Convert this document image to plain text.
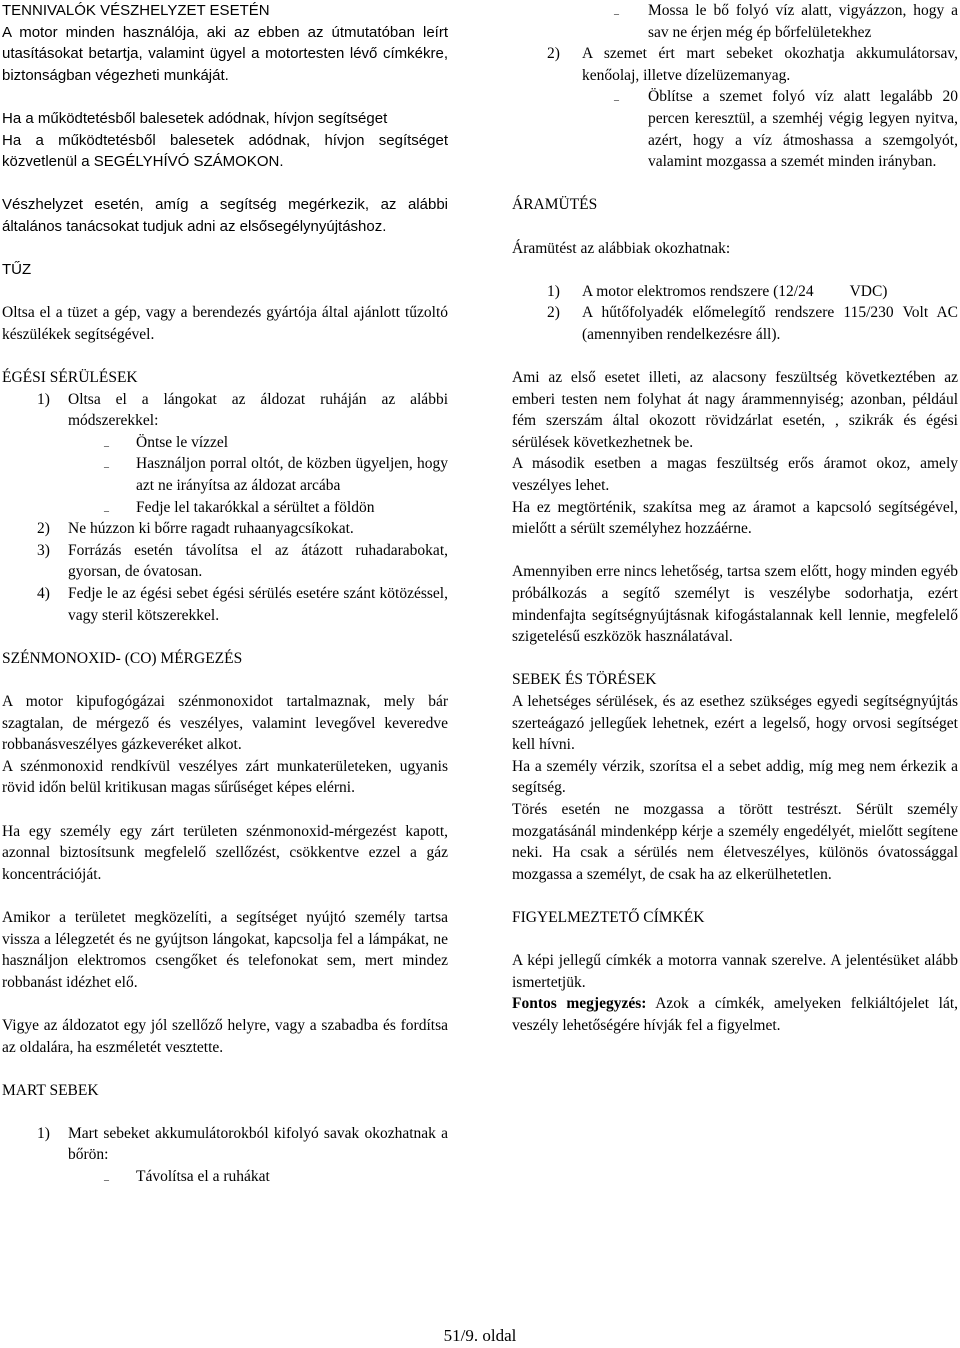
TENNIVALÓK VÉSZHELYZET ESETÉN
A motor minden használója, aki az ebben az útmutatóban leírt utasításokat betartja, valamint ügyel a motortesten lévő címkékre, biztonságban végezheti munkáját.
Ha a működtetésből balesetek adódnak, hívjon segítséget
Ha a működtetésből balesetek adódnak, hívjon segítséget közvetlenül a SEGÉLYHÍVÓ SZÁMOKON.
Vészhelyzet esetén, amíg a segítség megérkezik, az alábbi általános tanácsokat tudjuk adni az elsősegélynyújtáshoz.
TŰZ
Oltsa el a tüzet a gép, vagy a berendezés gyártója által ajánlott tűzoltó készülékek segítségével.
ÉGÉSI SÉRÜLÉSEK
1) Oltsa el a lángokat az áldozat ruháján az alábbi módszerekkel:
_ Öntse le vízzel
_ Használjon porral oltót, de közben ügyeljen, hogy azt ne irányítsa az áldozat arcába
_ Fedje lel takarókkal a sérültet a földön
2) Ne húzzon ki bőrre ragadt ruhaanyagcsíkokat.
3) Forrázás esetén távolítsa el az átázott ruhadarabokat, gyorsan, de óvatosan.
4) Fedje le az égési sebet égési sérülés esetére szánt kötözéssel, vagy steril kötszerekkel.
SZÉNMONOXID- (CO) MÉRGEZÉS
A motor kipufogógázai szénmonoxidot tartalmaznak, mely bár szagtalan, de mérgező és veszélyes, valamint levegővel keveredve robbanásveszélyes gázkeveréket alkot.
A szénmonoxid rendkívül veszélyes zárt munkaterületeken, ugyanis rövid időn belül kritikusan magas sűrűséget képes elérni.
Ha egy személy egy zárt területen szénmonoxid-mérgezést kapott, azonnal biztosítsunk megfelelő szellőzést, csökkentve ezzel a gáz koncentrációját.
Amikor a területet megközelíti, a segítséget nyújtó személy tartsa vissza a lélegzetét és ne gyújtson lángokat, kapcsolja fel a lámpákat, ne használjon elektromos csengőket és telefonokat sem, mert mindez robbanást idézhet elő.
Vigye az áldozatot egy jól szellőző helyre, vagy a szabadba és fordítsa az oldalára, ha eszméletét vesztette.
MART SEBEK
1) Mart sebeket akkumulátorokból kifolyó savak okozhatnak a bőrön:
_ Távolítsa el a ruhákat
_ Mossa le bő folyó víz alatt, vigyázzon, hogy a sav ne érjen még ép bőrfelületekhez
2) A szemet ért mart sebeket okozhatja akkumulátorsav, kenőolaj, illetve dízelüzemanyag.
_ Öblítse a szemet folyó víz alatt legalább 20 percen keresztül, a szemhéj végig legyen nyitva, azért, hogy a víz átmoshassa a szemgolyót, valamint mozgassa a szemét minden irányban.
ÁRAMÜTÉS
Áramütést az alábbiak okozhatnak:
1) A motor elektromos rendszere (12/24 VDC)
2) A hűtőfolyadék előmelegítő rendszere 115/230 Volt AC (amennyiben rendelkezésre áll).
Ami az első esetet illeti, az alacsony feszültség következtében az emberi testen nem folyhat át nagy árammennyiség; azonban, például fém szerszám által okozott rövidzárlat esetén, , szikrák és égési sérülések következhetnek be.
A második esetben a magas feszültség erős áramot okoz, amely veszélyes lehet.
Ha ez megtörténik, szakítsa meg az áramot a kapcsoló segítségével, mielőtt a sérült személyhez hozzáérne.
Amennyiben erre nincs lehetőség, tartsa szem előtt, hogy minden egyéb próbálkozás a segítő személyt is veszélybe sodorhatja, ezért mindenfajta segítségnyújtásnak kifogástalannak kell lennie, megfelelő szigetelésű eszközök használatával.
SEBEK ÉS TÖRÉSEK
A lehetséges sérülések, és az esethez szükséges egyedi segítségnyújtás szerteágazó jellegűek lehetnek, ezért a legelső, hogy orvosi segítséget kell hívni.
Ha a személy vérzik, szorítsa el a sebet addig, míg meg nem érkezik a segítség.
Törés esetén ne mozgassa a törött testrészt. Sérült személy mozgatásánál mindenképp kérje a személy engedélyét, mielőtt segítene neki. Ha csak a sérülés nem életveszélyes, különös óvatossággal mozgassa a személyt, de csak ha az elkerülhetetlen.
FIGYELMEZTETŐ CÍMKÉK
A képi jellegű címkék a motorra vannak szerelve. A jelentésüket alább ismertetjük.
Fontos megjegyzés: Azok a címkék, amelyeken felkiáltójelet lát, veszély lehetőségére hívják fel a figyelmet.
51/9. oldal
